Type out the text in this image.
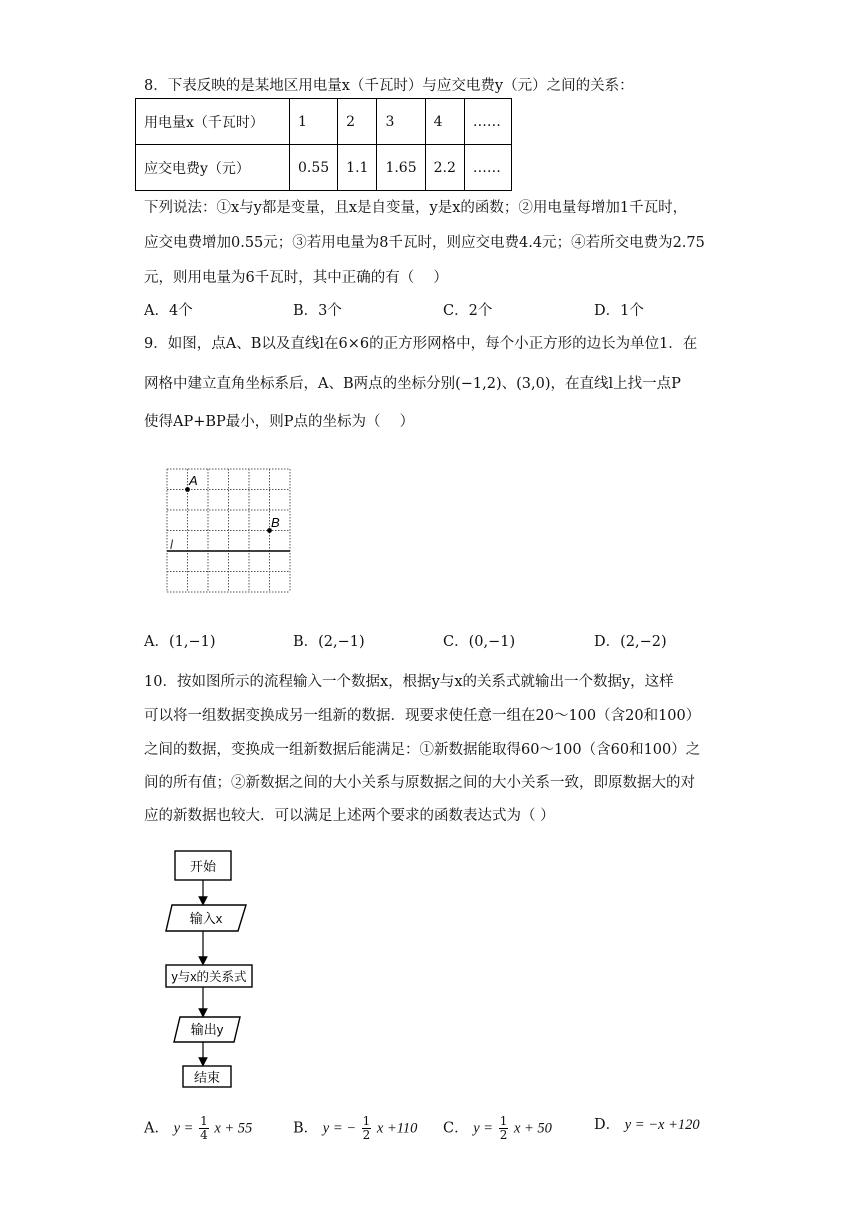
8．下表反映的是某地区用电量x（千瓦时）与应交电费y（元）之间的关系：
用电量x（千瓦时）	1	2	3	4	……
应交电费y（元）	0.55	1.1	1.65	2.2	……
下列说法：①x与y都是变量，且x是自变量，y是x的函数；②用电量每增加1千瓦时，
应交电费增加0.55元；③若用电量为8千瓦时，则应交电费4.4元；④若所交电费为2.75
元，则用电量为6千瓦时，其中正确的有（　 ）
A．4个	B．3个	C．2个	D．1个
9．如图，点A、B以及直线l在6×6的正方形网格中，每个小正方形的边长为单位1．在
网格中建立直角坐标系后，A、B两点的坐标分别(−1,2)、(3,0)，在直线l上找一点P
使得AP+BP最小，则P点的坐标为（　 ）
A
B
l
A．(1,−1)	B．(2,−1)	C．(0,−1)	D．(2,−2)
10．按如图所示的流程输入一个数据x，根据y与x的关系式就输出一个数据y，这样
可以将一组数据变换成另一组新的数据．现要求使任意一组在20～100（含20和100）
之间的数据，变换成一组新数据后能满足：①新数据能取得60～100（含60和100）之
间的所有值；②新数据之间的大小关系与原数据之间的大小关系一致，即原数据大的对
应的新数据也较大．可以满足上述两个要求的函数表达式为（ ）
开始
输入x
y与x的关系式
输出y
结束
A． $y = \frac{1}{4}$ x + 55	B． y = − $\frac{1}{2}$ x +110 C． $y = \frac{1}{2}$ x + 50	D． y = −x +120
